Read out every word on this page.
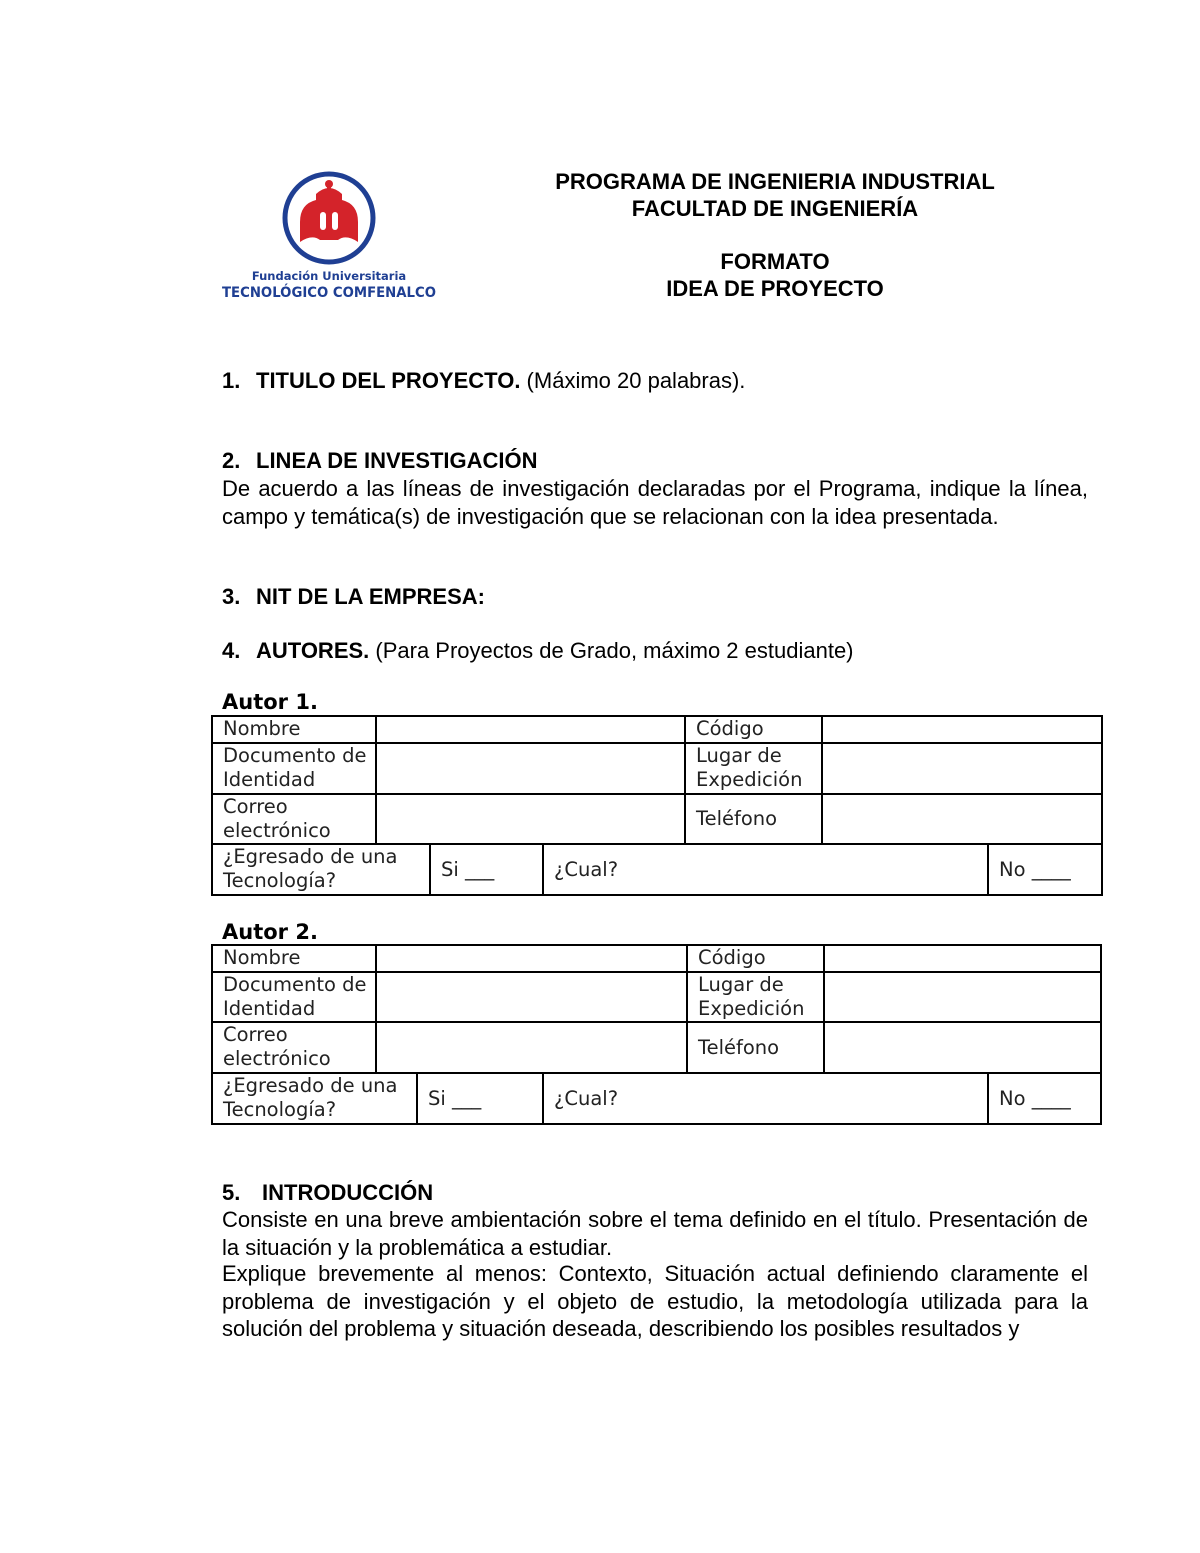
Fundación Universitaria
TECNOLÓGICO COMFENALCO
PROGRAMA DE INGENIERIA INDUSTRIAL
FACULTAD DE INGENIERÍA
FORMATO
IDEA DE PROYECTO
1. TITULO DEL PROYECTO. (Máximo 20 palabras).
2. LINEA DE INVESTIGACIÓN
De acuerdo a las líneas de investigación declaradas por el Programa, indique la línea, campo y temática(s) de investigación que se relacionan con la idea presentada.
3. NIT DE LA EMPRESA:
4. AUTORES. (Para Proyectos de Grado, máximo 2 estudiante)
Autor 1.
Nombre				Código		
Documento de Identidad				Lugar de Expedición		
Correo electrónico				Teléfono		
¿Egresado de una Tecnología?		Si ___	¿Cual?			No ____
Autor 2.
Nombre				Código		
Documento de Identidad				Lugar de Expedición		
Correo electrónico				Teléfono		
¿Egresado de una Tecnología?		Si ___	¿Cual?			No ____
5. INTRODUCCIÓN
Consiste en una breve ambientación sobre el tema definido en el título. Presentación de la situación y la problemática a estudiar.
Explique brevemente al menos: Contexto, Situación actual definiendo claramente el problema de investigación y el objeto de estudio, la metodología utilizada para la solución del problema y situación deseada, describiendo los posibles resultados y
